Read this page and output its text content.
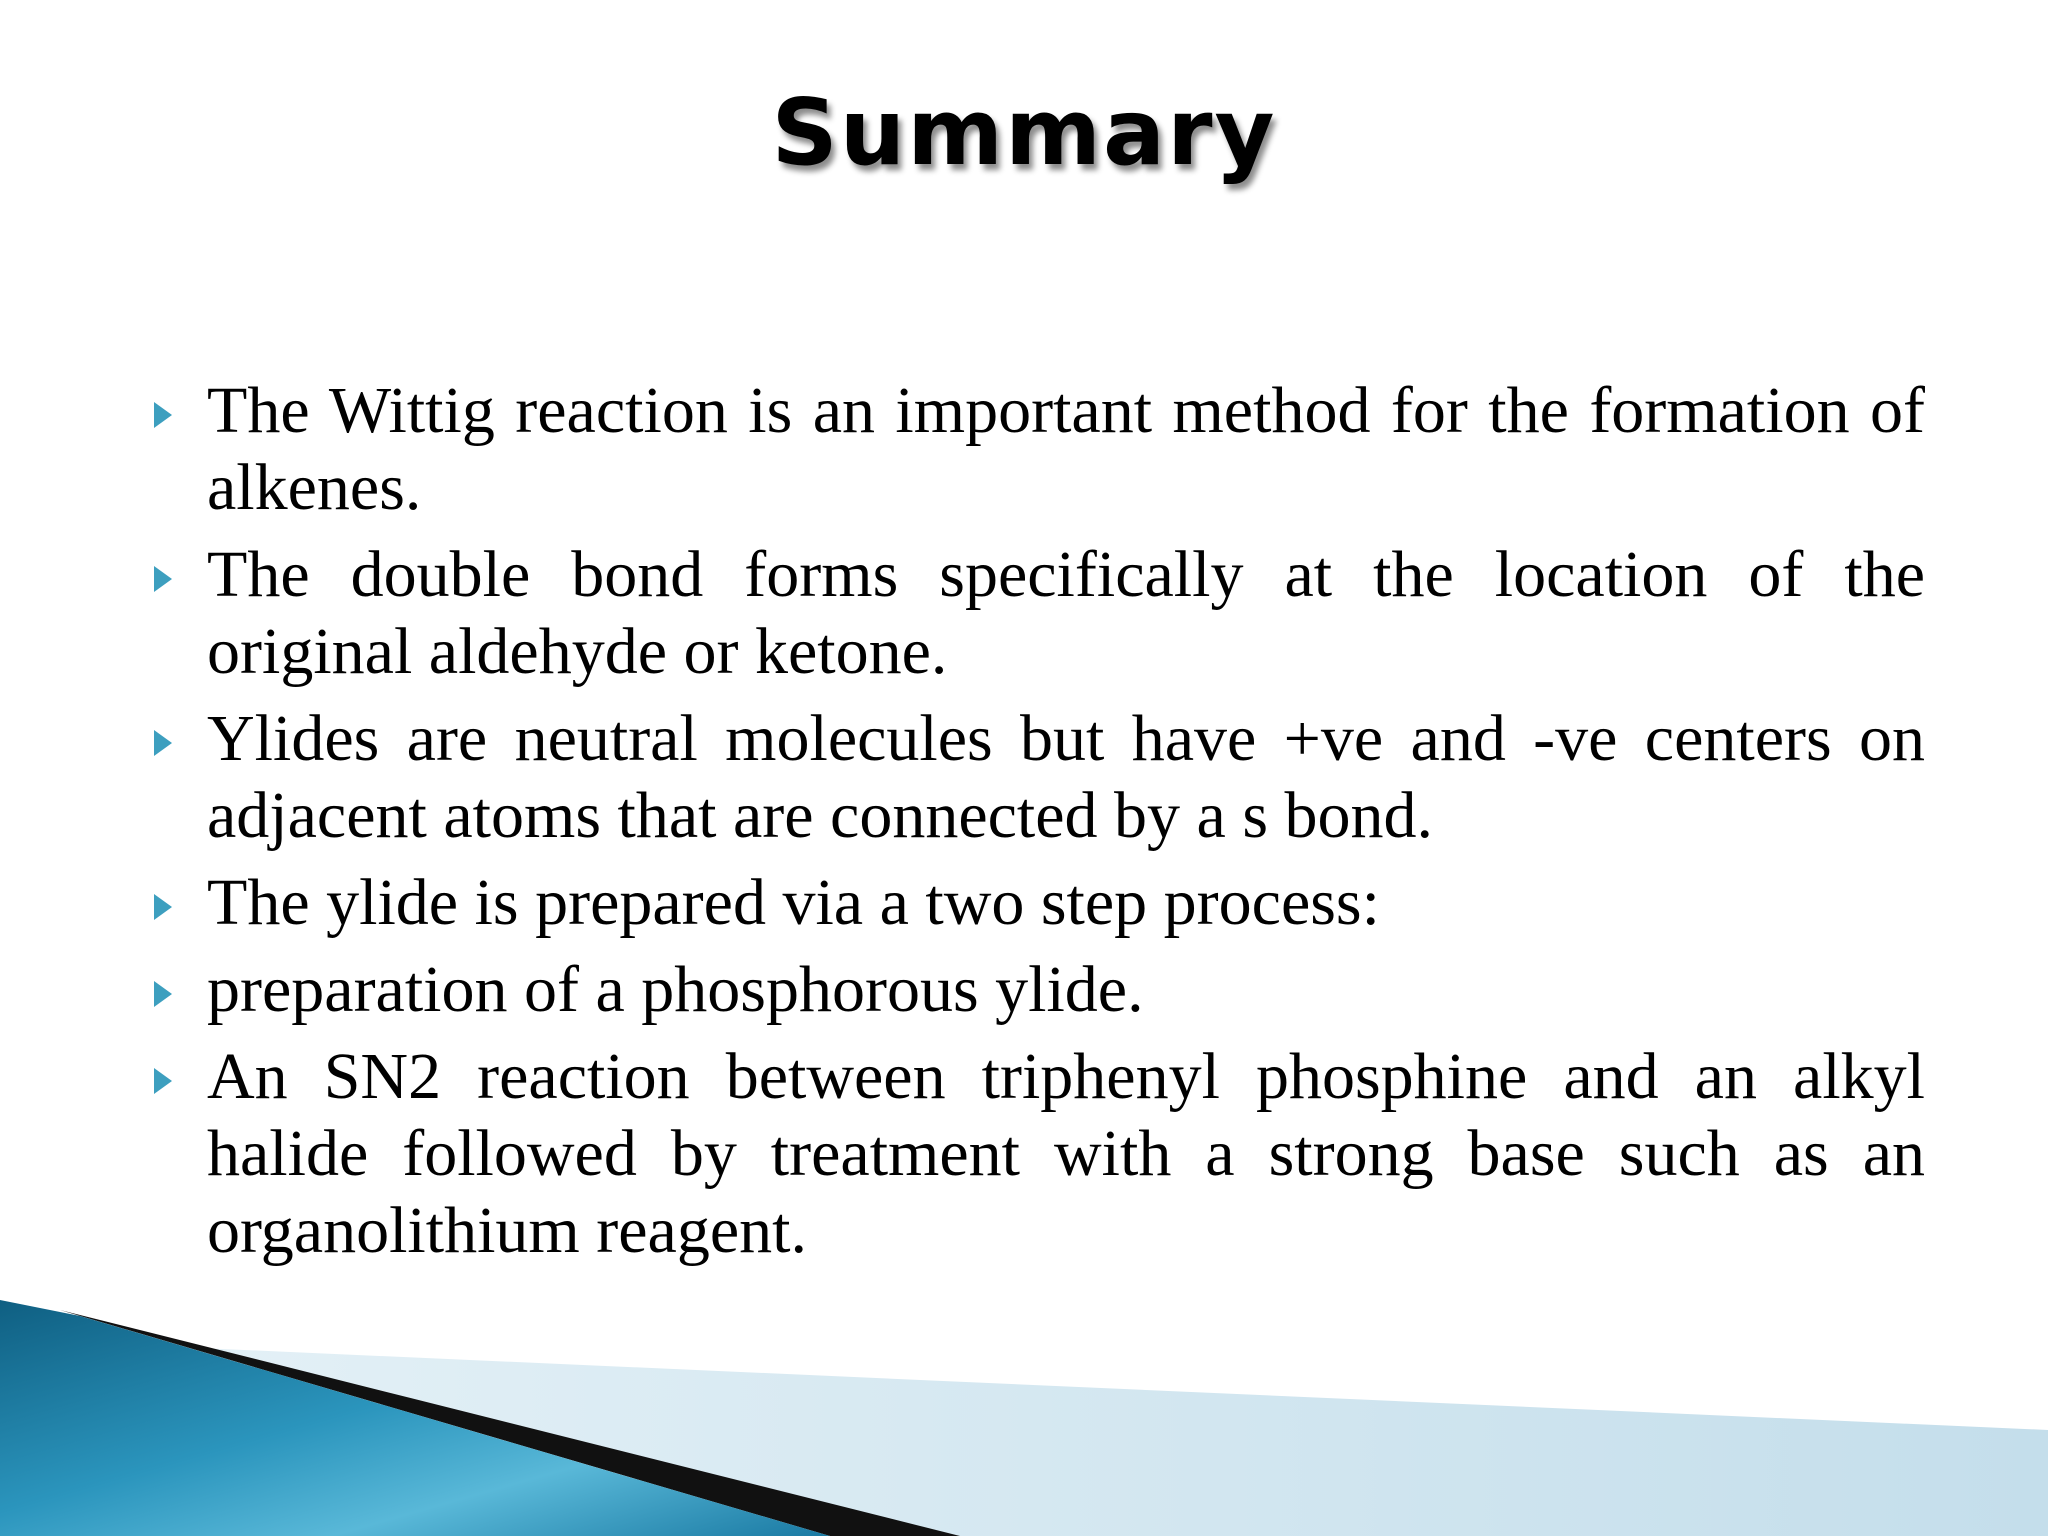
Summary
The Wittig reaction is an important method for the formation of alkenes.
The double bond forms specifically at the location of the original aldehyde or ketone.
Ylides are neutral molecules but have +ve and -ve centers on adjacent atoms that are connected by a s bond.
The ylide is prepared via a two step process:
preparation of a phosphorous ylide.
An SN2 reaction between triphenyl phosphine and an alkyl halide followed by treatment with a strong base such as an organolithium reagent.
